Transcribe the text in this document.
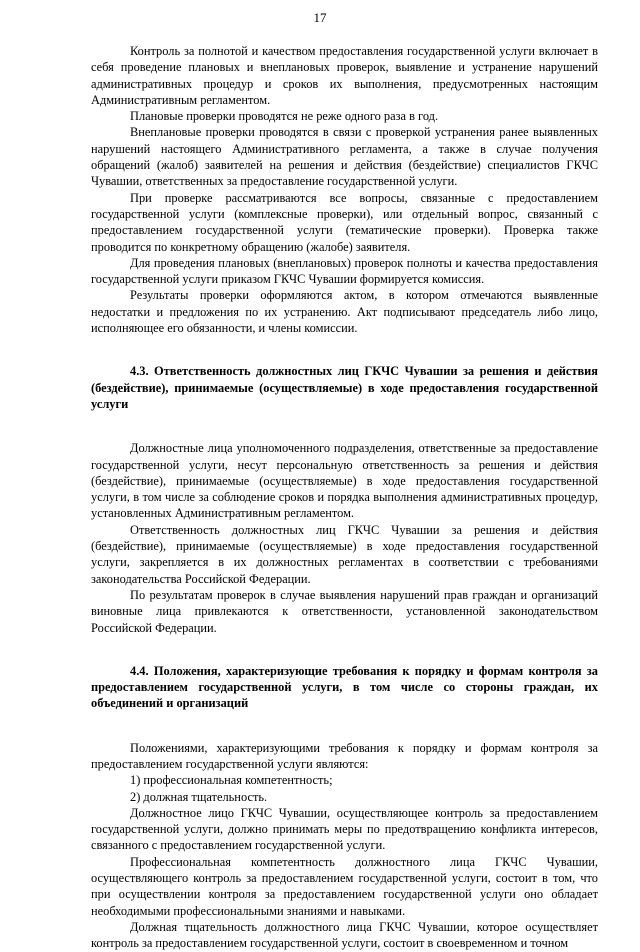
17

Контроль за полнотой и качеством предоставления государственной услуги включает в себя проведение плановых и внеплановых проверок, выявление и устранение нарушений административных процедур и сроков их выполнения, предусмотренных настоящим Административным регламентом.

Плановые проверки проводятся не реже одного раза в год.

Внеплановые проверки проводятся в связи с проверкой устранения ранее выявленных нарушений настоящего Административного регламента, а также в случае получения обращений (жалоб) заявителей на решения и действия (бездействие) специалистов ГКЧС Чувашии, ответственных за предоставление государственной услуги.

При проверке рассматриваются все вопросы, связанные с предоставлением государственной услуги (комплексные проверки), или отдельный вопрос, связанный с предоставлением государственной услуги (тематические проверки). Проверка также проводится по конкретному обращению (жалобе) заявителя.

Для проведения плановых (внеплановых) проверок полноты и качества предоставления государственной услуги приказом ГКЧС Чувашии формируется комиссия.

Результаты проверки оформляются актом, в котором отмечаются выявленные недостатки и предложения по их устранению. Акт подписывают председатель либо лицо, исполняющее его обязанности, и члены комиссии.

4.3. Ответственность должностных лиц ГКЧС Чувашии за решения и действия (бездействие), принимаемые (осуществляемые) в ходе предоставления государственной услуги

Должностные лица уполномоченного подразделения, ответственные за предоставление государственной услуги, несут персональную ответственность за решения и действия (бездействие), принимаемые (осуществляемые) в ходе предоставления государственной услуги, в том числе за соблюдение сроков и порядка выполнения административных процедур, установленных Административным регламентом.

Ответственность должностных лиц ГКЧС Чувашии за решения и действия (бездействие), принимаемые (осуществляемые) в ходе предоставления государственной услуги, закрепляется в их должностных регламентах в соответствии с требованиями законодательства Российской Федерации.

По результатам проверок в случае выявления нарушений прав граждан и организаций виновные лица привлекаются к ответственности, установленной законодательством Российской Федерации.

4.4. Положения, характеризующие требования к порядку и формам контроля за предоставлением государственной услуги, в том числе со стороны граждан, их объединений и организаций

Положениями, характеризующими требования к порядку и формам контроля за предоставлением государственной услуги являются:

1) профессиональная компетентность;

2) должная тщательность.

Должностное лицо ГКЧС Чувашии, осуществляющее контроль за предоставлением государственной услуги, должно принимать меры по предотвращению конфликта интересов, связанного с предоставлением государственной услуги.

Профессиональная компетентность должностного лица ГКЧС Чувашии, осуществляющего контроль за предоставлением государственной услуги, состоит в том, что при осуществлении контроля за предоставлением государственной услуги оно обладает необходимыми профессиональными знаниями и навыками.

Должная тщательность должностного лица ГКЧС Чувашии, которое осуществляет контроль за предоставлением государственной услуги, состоит в своевременном и точном
